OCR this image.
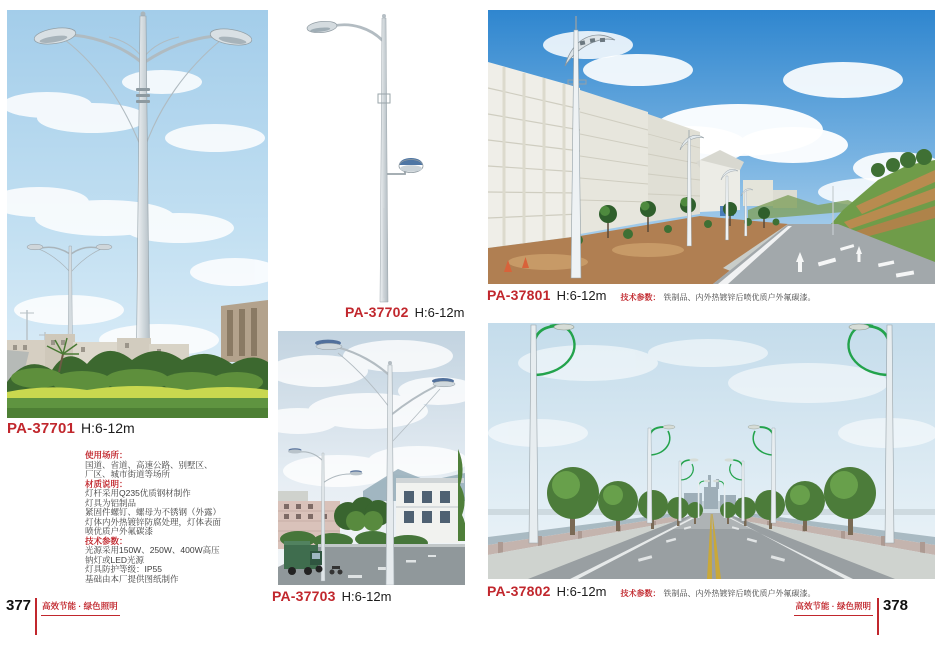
PA-37701 H:6-12m
使用场所：
国道、省道、高速公路、别墅区、
厂区、城市街道等场所
材质说明：
灯杆采用Q235优质钢材制作
灯具为铝制品
紧固件螺钉、螺母为不锈钢（外露）
灯体内外热镀锌防腐处理，灯体表面
喷优质户外氟碳漆
技术参数：
光源采用150W、250W、400W高压
钠灯或LED光源
灯具防护等级：IP55
基础由本厂提供图纸制作
PA-37702 H:6-12m
PA-37703 H:6-12m
PA-37801 H:6-12m 技术参数： 铁制品、内外热镀锌后喷优质户外氟碳漆。
PA-37802 H:6-12m 技术参数： 铁制品、内外热镀锌后喷优质户外氟碳漆。
377 高效节能 · 绿色照明	高效节能 · 绿色照明 378
